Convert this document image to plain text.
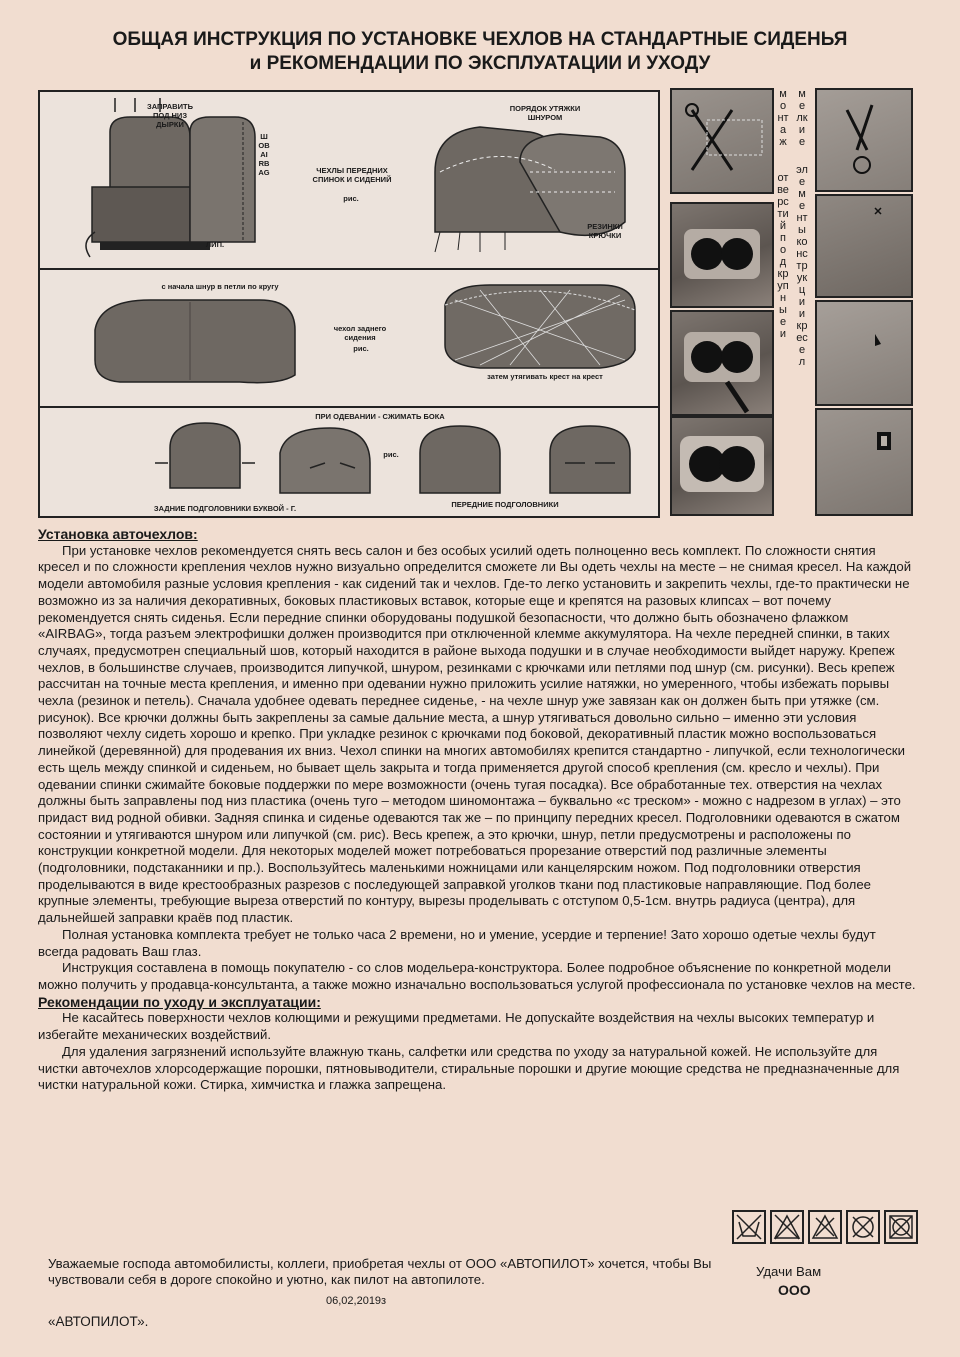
ОБЩАЯ ИНСТРУКЦИЯ ПО УСТАНОВКЕ ЧЕХЛОВ НА СТАНДАРТНЫЕ СИДЕНЬЯ
и РЕКОМЕНДАЦИИ ПО ЭКСПЛУАТАЦИИ И УХОДУ
ЗАПРАВИТЬ ПОД НИЗ ДЫРКИ
ШОВ AIRBAG
ЛИП.
ЧЕХЛЫ ПЕРЕДНИХ СПИНОК И СИДЕНИЙ
рис.
ПОРЯДОК УТЯЖКИ ШНУРОМ
РЕЗИНКИ КРЮЧКИ
с начала шнур в петли по кругу
чехол заднего сидения
рис.
затем утягивать крест на крест
ПРИ ОДЕВАНИИ - СЖИМАТЬ БОКА
рис.
ЗАДНИЕ ПОДГОЛОВНИКИ БУКВОЙ - Г.	ПЕРЕДНИЕ ПОДГОЛОВНИКИ
монтаж
отверстий под крупные и
мелкие
элементы конструкции кресел
Установка авточехлов:
При установке чехлов рекомендуется снять весь салон и без особых усилий одеть полноценно весь комплект. По сложности снятия кресел и по сложности крепления чехлов нужно визуально определится сможете ли Вы одеть чехлы на месте – не снимая кресел. На каждой модели автомобиля разные условия крепления - как сидений так и чехлов. Где-то легко установить и закрепить чехлы, где-то практически не возможно из за наличия декоративных, боковых пластиковых вставок, которые еще и крепятся на разовых клипсах – вот почему рекомендуется снять сиденья. Если передние спинки оборудованы подушкой безопасности, что должно быть обозначено флажком «AIRBAG», тогда разъем электрофишки должен производится при отключенной клемме аккумулятора. На чехле передней спинки, в таких случаях, предусмотрен специальный шов, который находится в районе выхода подушки и в случае необходимости выйдет наружу. Крепеж чехлов, в большинстве случаев, производится липучкой, шнуром, резинками с крючками или петлями под шнур (см. рисунки). Весь крепеж рассчитан на точные места крепления, и именно при одевании нужно приложить усилие натяжки, но умеренного, чтобы избежать порывы чехла (резинок и петель). Сначала удобнее одевать переднее сиденье, - на чехле шнур уже завязан как он должен быть при утяжке (см. рисунок). Все крючки должны быть закреплены за самые дальние места, а шнур утягиваться довольно сильно – именно эти условия позволяют чехлу сидеть хорошо и крепко. При укладке резинок с крючками под боковой, декоративный пластик можно воспользоваться линейкой (деревянной) для продевания их вниз. Чехол спинки на многих автомобилях крепится стандартно - липучкой, если технологически есть щель между спинкой и сиденьем, но бывает щель закрыта и тогда применяется другой способ крепления (см. кресло и чехлы). При одевании спинки сжимайте боковые поддержки по мере возможности (очень тугая посадка). Все обработанные тех. отверстия на чехлах должны быть заправлены под низ пластика (очень туго – методом шиномонтажа – буквально «с треском» - можно с надрезом в углах) – это придаст вид родной обивки. Задняя спинка и сиденье одеваются так же – по принципу передних кресел. Подголовники одеваются в сжатом состоянии и утягиваются шнуром или липучкой (см. рис). Весь крепеж, а это крючки, шнур, петли предусмотрены и расположены по конструкции конкретной модели. Для некоторых моделей может потребоваться прорезание отверстий под различные элементы (подголовники, подстаканники и пр.). Воспользуйтесь маленькими ножницами или канцелярским ножом. Под подголовники отверстия проделываются в виде крестообразных разрезов с последующей заправкой уголков ткани под пластиковые направляющие. Под более крупные элементы, требующие выреза отверстий по контуру, вырезы проделывать с отступом 0,5-1см. внутрь радиуса (центра), для дальнейшей заправки краёв под пластик.
Полная установка комплекта требует не только часа 2 времени, но и умение, усердие и терпение! Зато хорошо одетые чехлы будут всегда радовать Ваш глаз.
Инструкция составлена в помощь покупателю - со слов модельера-конструктора. Более подробное объяснение по конкретной модели можно получить у продавца-консультанта, а также можно изначально воспользоваться услугой профессионала по установке чехлов на месте.
Рекомендации по уходу и эксплуатации:
Не касайтесь поверхности чехлов колющими и режущими предметами. Не допускайте воздействия на чехлы высоких температур и избегайте механических воздействий.
Для удаления загрязнений используйте влажную ткань, салфетки или средства по уходу за натуральной кожей. Не используйте для чистки авточехлов хлорсодержащие порошки, пятновыводители, стиральные порошки и другие моющие средства не предназначенные для чистки натуральной кожи. Стирка, химчистка и глажка запрещена.
Уважаемые господа автомобилисты, коллеги, приобретая чехлы от ООО «АВТОПИЛОТ» хочется, чтобы Вы
чувствовали себя в дороге спокойно и уютно, как пилот на автопилоте.
Удачи Вам
ООО
06,02,2019з
«АВТОПИЛОТ».
